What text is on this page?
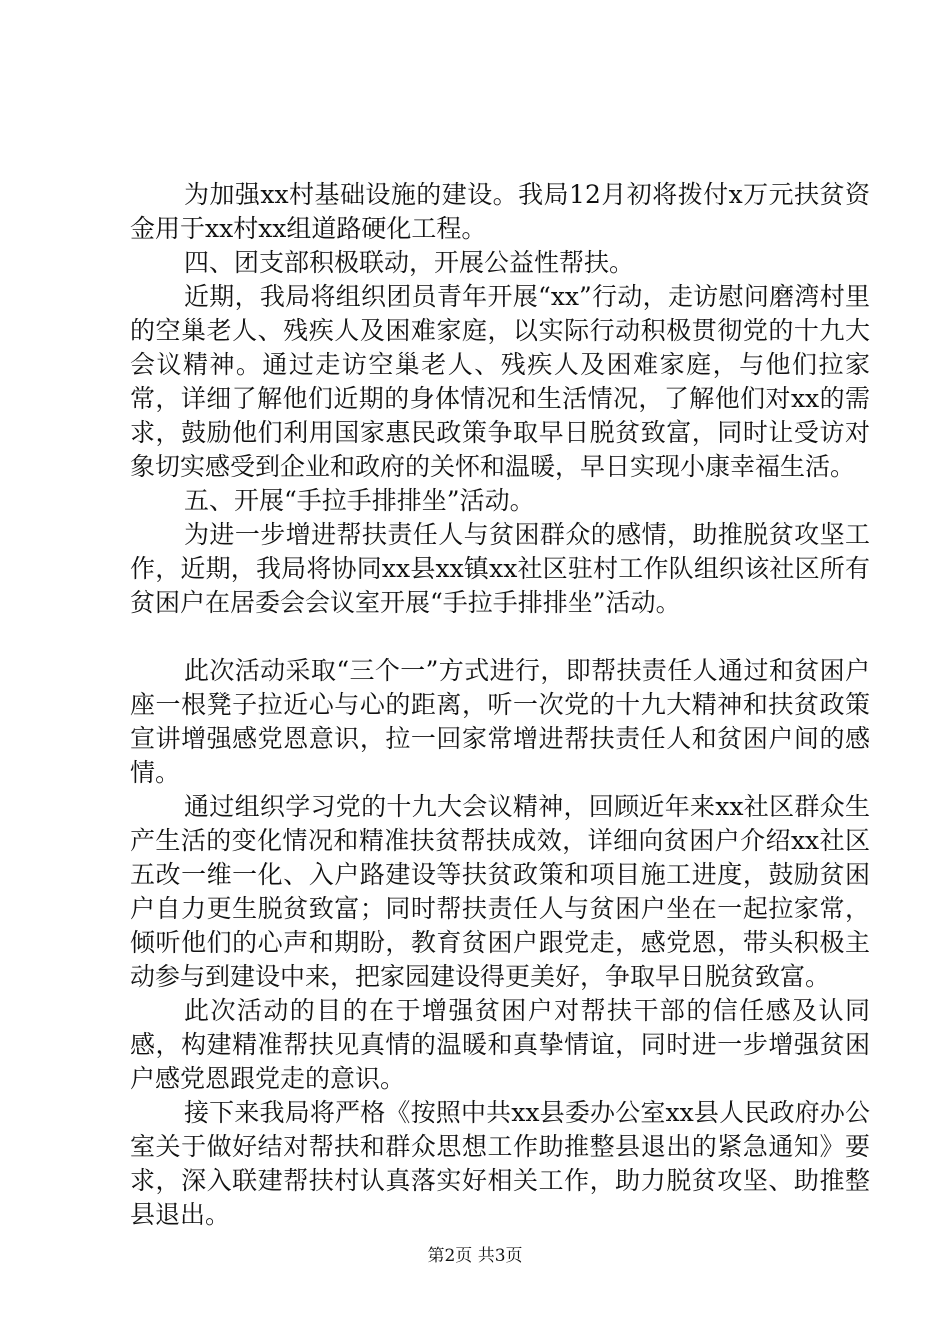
为加强xx村基础设施的建设。我局12月初将拨付x万元扶贫资金用于xx村xx组道路硬化工程。

四、团支部积极联动，开展公益性帮扶。

近期，我局将组织团员青年开展“xx”行动，走访慰问磨湾村里的空巢老人、残疾人及困难家庭，以实际行动积极贯彻党的十九大会议精神。通过走访空巢老人、残疾人及困难家庭，与他们拉家常，详细了解他们近期的身体情况和生活情况，了解他们对xx的需求，鼓励他们利用国家惠民政策争取早日脱贫致富，同时让受访对象切实感受到企业和政府的关怀和温暖，早日实现小康幸福生活。

五、开展“手拉手排排坐”活动。

为进一步增进帮扶责任人与贫困群众的感情，助推脱贫攻坚工作，近期，我局将协同xx县xx镇xx社区驻村工作队组织该社区所有贫困户在居委会会议室开展“手拉手排排坐”活动。

此次活动采取“三个一”方式进行，即帮扶责任人通过和贫困户座一根凳子拉近心与心的距离，听一次党的十九大精神和扶贫政策宣讲增强感党恩意识，拉一回家常增进帮扶责任人和贫困户间的感情。

通过组织学习党的十九大会议精神，回顾近年来xx社区群众生产生活的变化情况和精准扶贫帮扶成效，详细向贫困户介绍xx社区五改一维一化、入户路建设等扶贫政策和项目施工进度，鼓励贫困户自力更生脱贫致富；同时帮扶责任人与贫困户坐在一起拉家常，倾听他们的心声和期盼，教育贫困户跟党走，感党恩，带头积极主动参与到建设中来，把家园建设得更美好，争取早日脱贫致富。

此次活动的目的在于增强贫困户对帮扶干部的信任感及认同感，构建精准帮扶见真情的温暖和真挚情谊，同时进一步增强贫困户感党恩跟党走的意识。

接下来我局将严格《按照中共xx县委办公室xx县人民政府办公室关于做好结对帮扶和群众思想工作助推整县退出的紧急通知》要求，深入联建帮扶村认真落实好相关工作，助力脱贫攻坚、助推整县退出。

第2页 共3页
